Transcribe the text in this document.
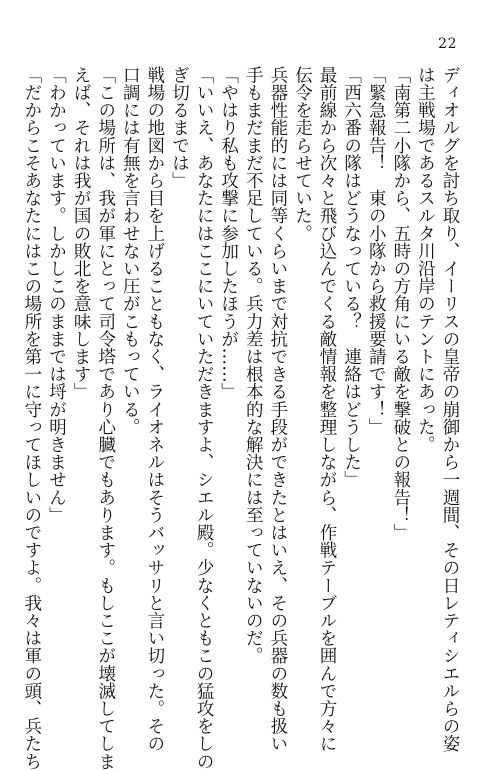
22
ディオルグを討ち取り、イーリスの皇帝の崩御から一週間、その日レティシエルらの姿
は主戦場であるスルタ川沿岸のテントにあった。
「南第二小隊から、五時の方角にいる敵を撃破との報告！」
「緊急報告！　東の小隊から救援要請です！」
「西六番の隊はどうなっている？　連絡はどうした」
最前線から次々と飛び込んでくる敵情報を整理しながら、作戦テーブルを囲んで方々に
伝令を走らせていた。
兵器性能的には同等くらいまで対抗できる手段ができたとはいえ、その兵器の数も扱い
手もまだまだ不足している。兵力差は根本的な解決には至っていないのだ。
「やはり私も攻撃に参加したほうが……」
「いいえ、あなたにはここにいていただきますよ、シエル殿。少なくともこの猛攻をしの
ぎ切るまでは」
戦場の地図から目を上げることもなく、ライオネルはそうバッサリと言い切った。その
口調には有無を言わせない圧がこもっている。
「この場所は、我が軍にとって司令塔であり心臓でもあります。もしここが壊滅してしま
えば、それは我が国の敗北を意味します」
「わかっています。しかしこのままでは埒が明きません」
「だからこそあなたにはこの場所を第一に守ってほしいのですよ。我々は軍の頭、兵たち
